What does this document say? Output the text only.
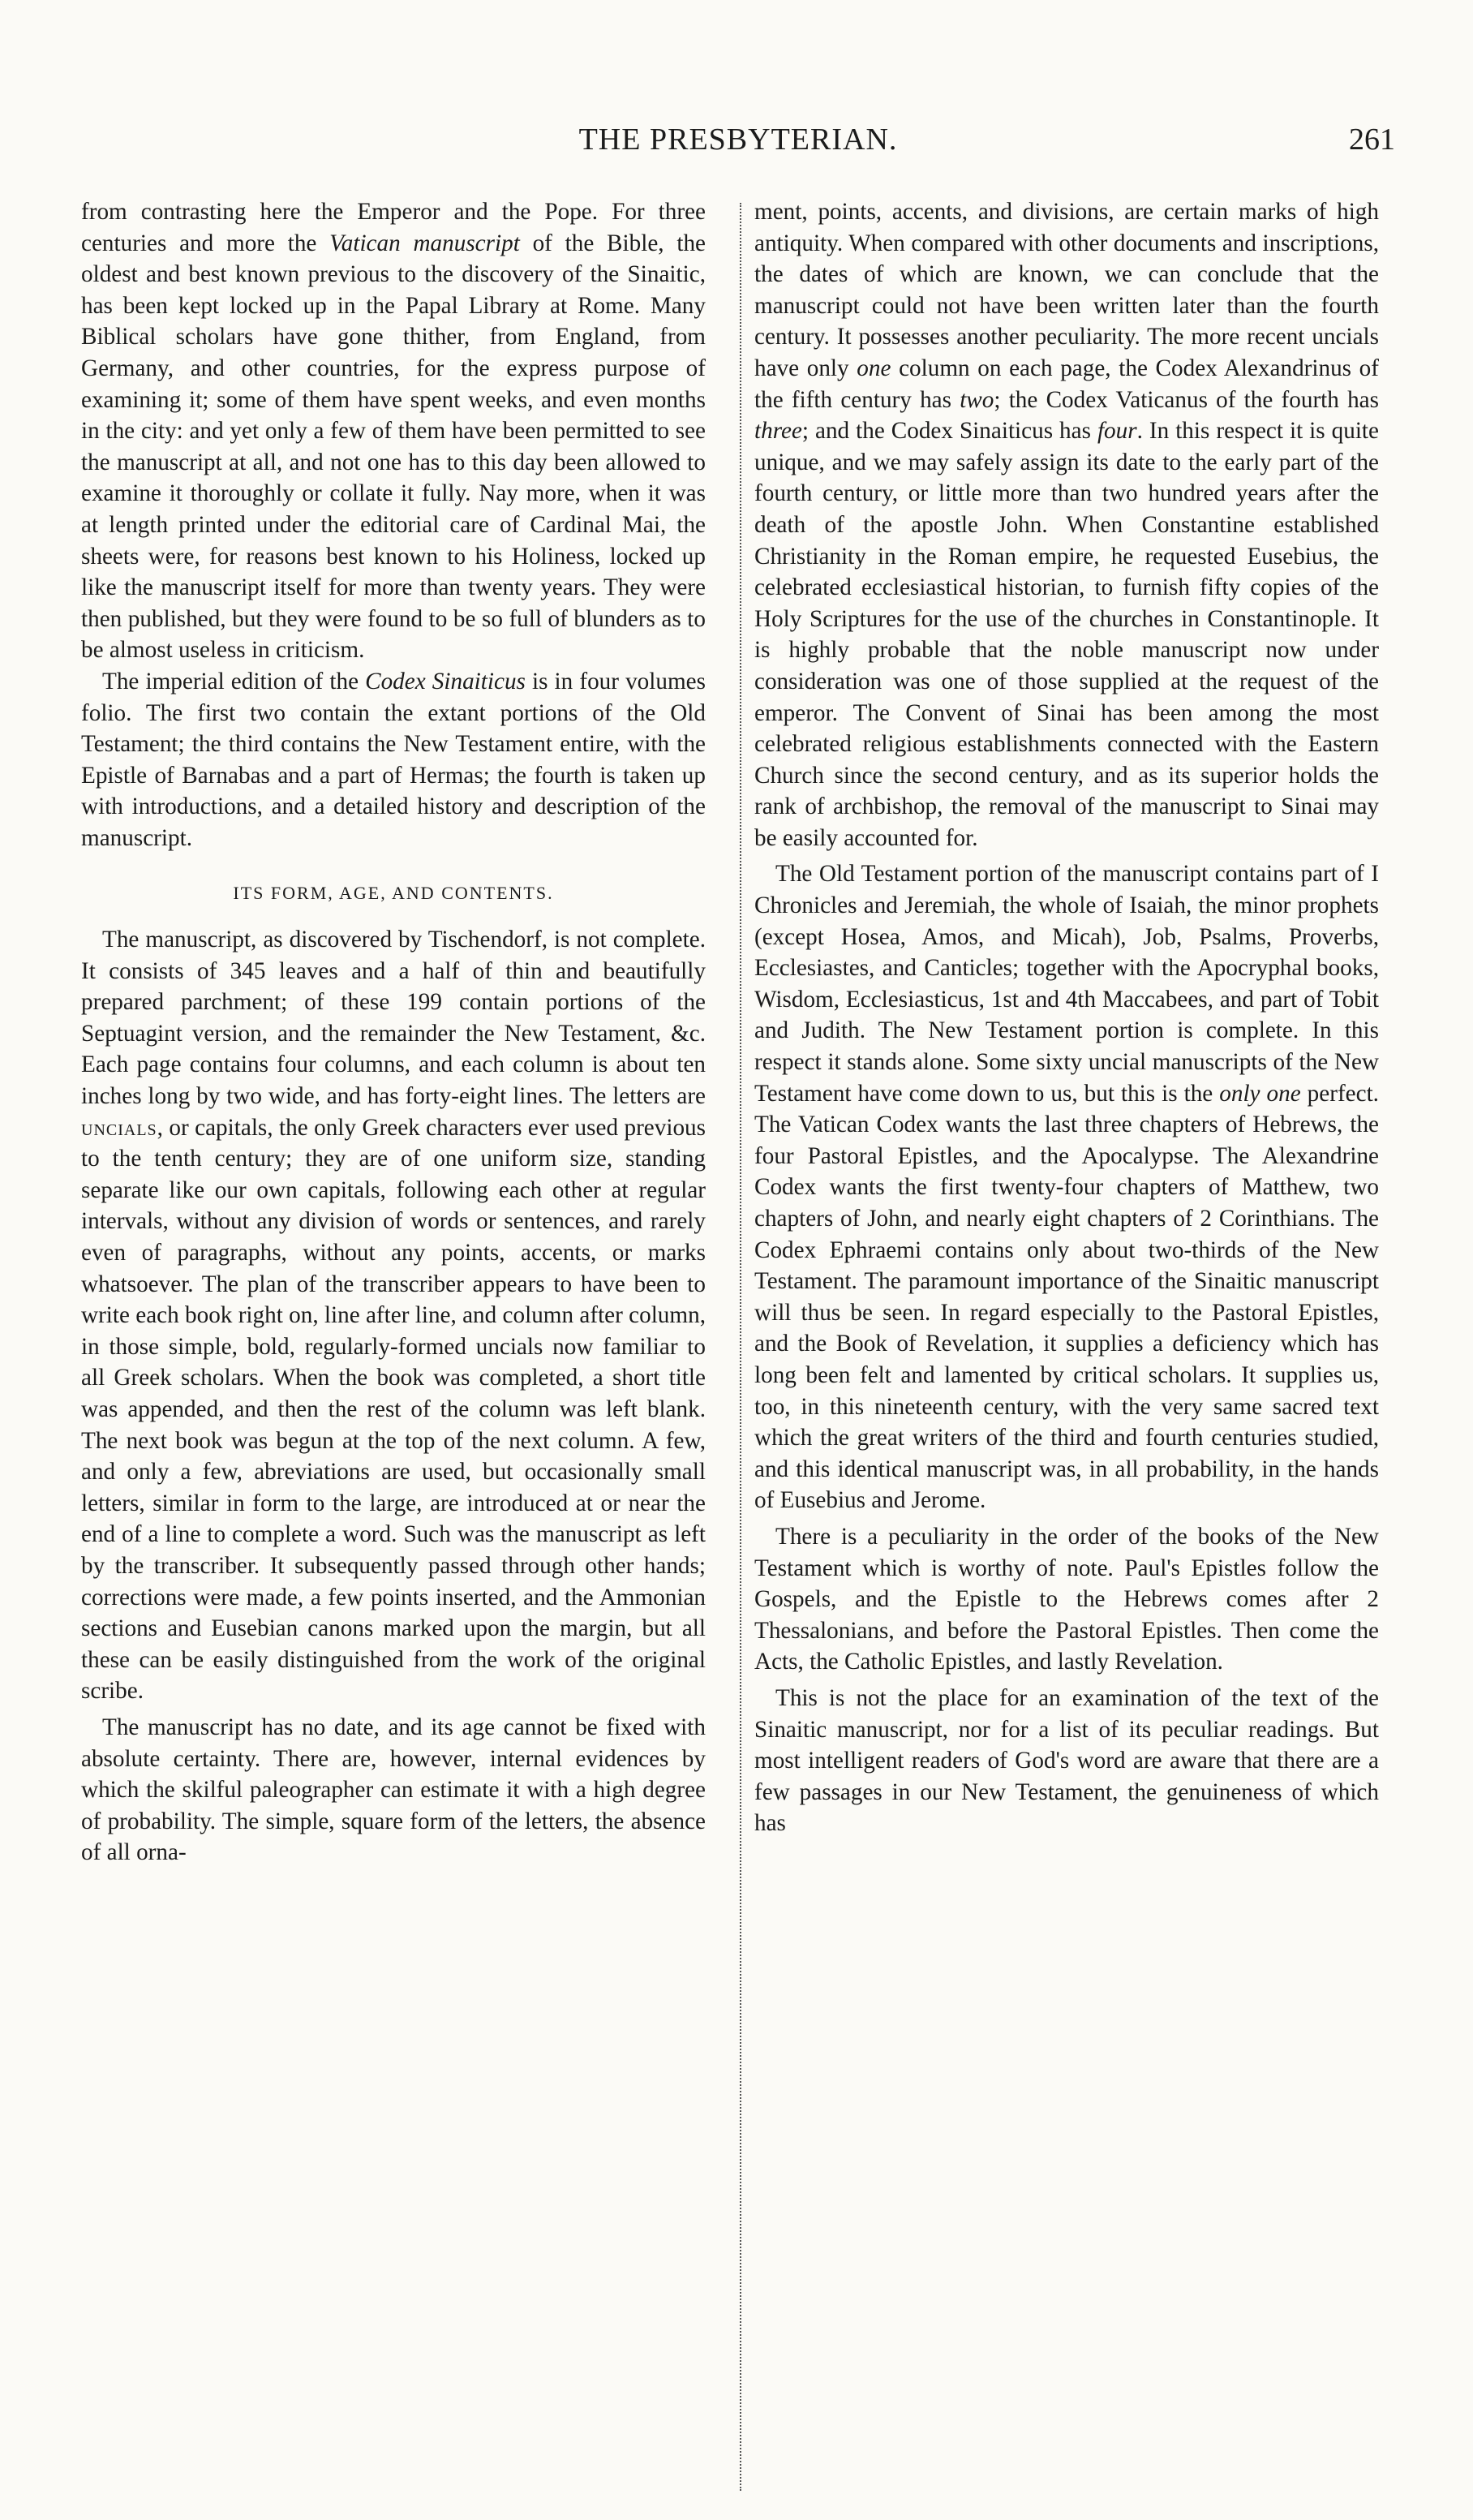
THE PRESBYTERIAN.	261

from contrasting here the Emperor and the Pope. For three centuries and more the Vatican manuscript of the Bible, the oldest and best known previous to the discovery of the Sinaitic, has been kept locked up in the Papal Library at Rome. Many Biblical scholars have gone thither, from England, from Germany, and other countries, for the express purpose of examining it; some of them have spent weeks, and even months in the city: and yet only a few of them have been permitted to see the manuscript at all, and not one has to this day been allowed to examine it thoroughly or collate it fully. Nay more, when it was at length printed under the editorial care of Cardinal Mai, the sheets were, for reasons best known to his Holiness, locked up like the manuscript itself for more than twenty years. They were then published, but they were found to be so full of blunders as to be almost useless in criticism.

The imperial edition of the Codex Sinaiticus is in four volumes folio. The first two contain the extant portions of the Old Testament; the third contains the New Testament entire, with the Epistle of Barnabas and a part of Hermas; the fourth is taken up with introductions, and a detailed history and description of the manuscript.

ITS FORM, AGE, AND CONTENTS.

The manuscript, as discovered by Tischendorf, is not complete. It consists of 345 leaves and a half of thin and beautifully prepared parchment; of these 199 contain portions of the Septuagint version, and the remainder the New Testament, &c. Each page contains four columns, and each column is about ten inches long by two wide, and has forty-eight lines. The letters are uncials, or capitals, the only Greek characters ever used previous to the tenth century; they are of one uniform size, standing separate like our own capitals, following each other at regular intervals, without any division of words or sentences, and rarely even of paragraphs, without any points, accents, or marks whatsoever. The plan of the transcriber appears to have been to write each book right on, line after line, and column after column, in those simple, bold, regularly-formed uncials now familiar to all Greek scholars. When the book was completed, a short title was appended, and then the rest of the column was left blank. The next book was begun at the top of the next column. A few, and only a few, abreviations are used, but occasionally small letters, similar in form to the large, are introduced at or near the end of a line to complete a word. Such was the manuscript as left by the transcriber. It subsequently passed through other hands; corrections were made, a few points inserted, and the Ammonian sections and Eusebian canons marked upon the margin, but all these can be easily distinguished from the work of the original scribe.

The manuscript has no date, and its age cannot be fixed with absolute certainty. There are, however, internal evidences by which the skilful paleographer can estimate it with a high degree of probability. The simple, square form of the letters, the absence of all orna-

ment, points, accents, and divisions, are certain marks of high antiquity. When compared with other documents and inscriptions, the dates of which are known, we can conclude that the manuscript could not have been written later than the fourth century. It possesses another peculiarity. The more recent uncials have only one column on each page, the Codex Alexandrinus of the fifth century has two; the Codex Vaticanus of the fourth has three; and the Codex Sinaiticus has four. In this respect it is quite unique, and we may safely assign its date to the early part of the fourth century, or little more than two hundred years after the death of the apostle John. When Constantine established Christianity in the Roman empire, he requested Eusebius, the celebrated ecclesiastical historian, to furnish fifty copies of the Holy Scriptures for the use of the churches in Constantinople. It is highly probable that the noble manuscript now under consideration was one of those supplied at the request of the emperor. The Convent of Sinai has been among the most celebrated religious establishments connected with the Eastern Church since the second century, and as its superior holds the rank of archbishop, the removal of the manuscript to Sinai may be easily accounted for.

The Old Testament portion of the manuscript contains part of I Chronicles and Jeremiah, the whole of Isaiah, the minor prophets (except Hosea, Amos, and Micah), Job, Psalms, Proverbs, Ecclesiastes, and Canticles; together with the Apocryphal books, Wisdom, Ecclesiasticus, 1st and 4th Maccabees, and part of Tobit and Judith. The New Testament portion is complete. In this respect it stands alone. Some sixty uncial manuscripts of the New Testament have come down to us, but this is the only one perfect. The Vatican Codex wants the last three chapters of Hebrews, the four Pastoral Epistles, and the Apocalypse. The Alexandrine Codex wants the first twenty-four chapters of Matthew, two chapters of John, and nearly eight chapters of 2 Corinthians. The Codex Ephraemi contains only about two-thirds of the New Testament. The paramount importance of the Sinaitic manuscript will thus be seen. In regard especially to the Pastoral Epistles, and the Book of Revelation, it supplies a deficiency which has long been felt and lamented by critical scholars. It supplies us, too, in this nineteenth century, with the very same sacred text which the great writers of the third and fourth centuries studied, and this identical manuscript was, in all probability, in the hands of Eusebius and Jerome.

There is a peculiarity in the order of the books of the New Testament which is worthy of note. Paul's Epistles follow the Gospels, and the Epistle to the Hebrews comes after 2 Thessalonians, and before the Pastoral Epistles. Then come the Acts, the Catholic Epistles, and lastly Revelation.

This is not the place for an examination of the text of the Sinaitic manuscript, nor for a list of its peculiar readings. But most intelligent readers of God's word are aware that there are a few passages in our New Testament, the genuineness of which has
